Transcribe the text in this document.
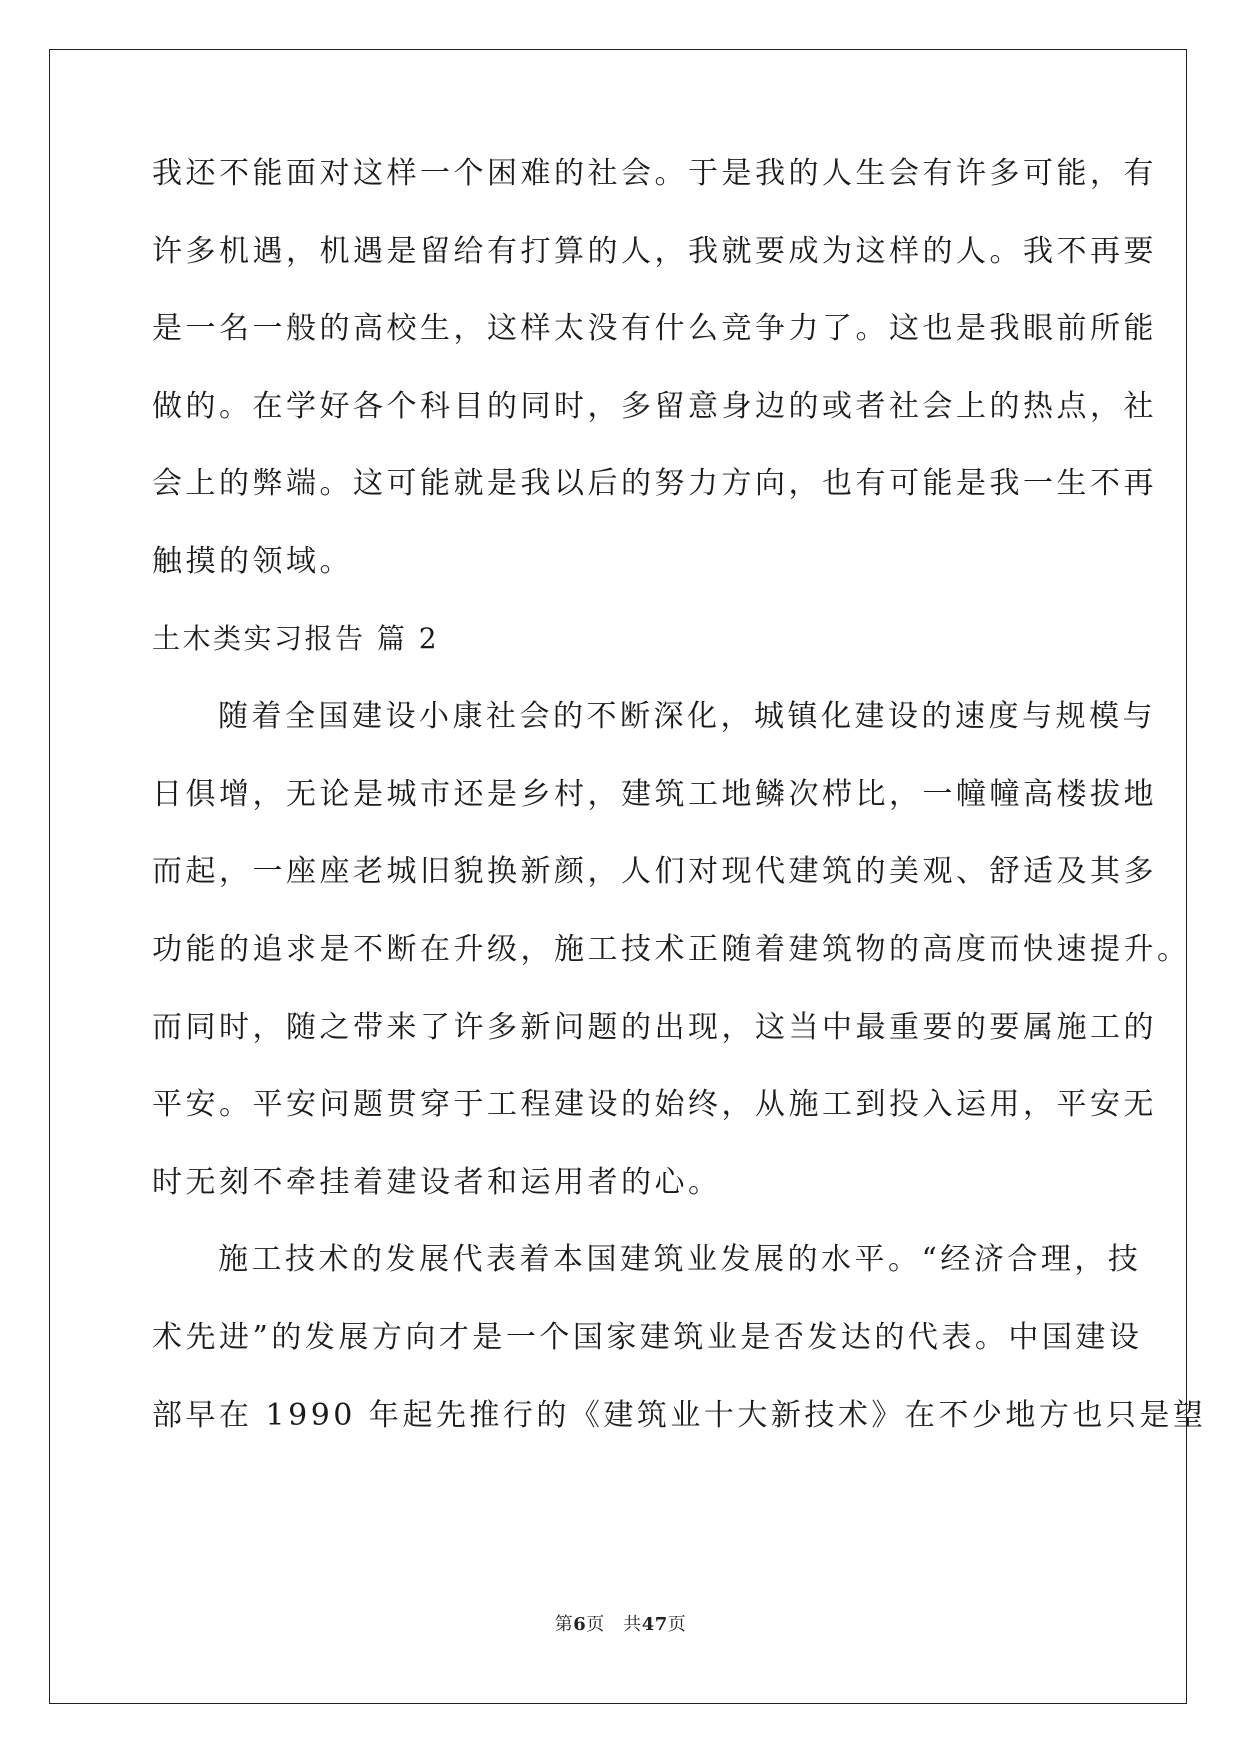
我还不能面对这样一个困难的社会。于是我的人生会有许多可能，有
许多机遇，机遇是留给有打算的人，我就要成为这样的人。我不再要
是一名一般的高校生，这样太没有什么竞争力了。这也是我眼前所能
做的。在学好各个科目的同时，多留意身边的或者社会上的热点，社
会上的弊端。这可能就是我以后的努力方向，也有可能是我一生不再
触摸的领域。
土木类实习报告 篇 2
随着全国建设小康社会的不断深化，城镇化建设的速度与规模与
日俱增，无论是城市还是乡村，建筑工地鳞次栉比，一幢幢高楼拔地
而起，一座座老城旧貌换新颜，人们对现代建筑的美观、舒适及其多
功能的追求是不断在升级，施工技术正随着建筑物的高度而快速提升。
而同时，随之带来了许多新问题的出现，这当中最重要的要属施工的
平安。平安问题贯穿于工程建设的始终，从施工到投入运用，平安无
时无刻不牵挂着建设者和运用者的心。
施工技术的发展代表着本国建筑业发展的水平。“经济合理，技
术先进”的发展方向才是一个国家建筑业是否发达的代表。中国建设
部早在 1990 年起先推行的《建筑业十大新技术》在不少地方也只是望
第6页　共47页
